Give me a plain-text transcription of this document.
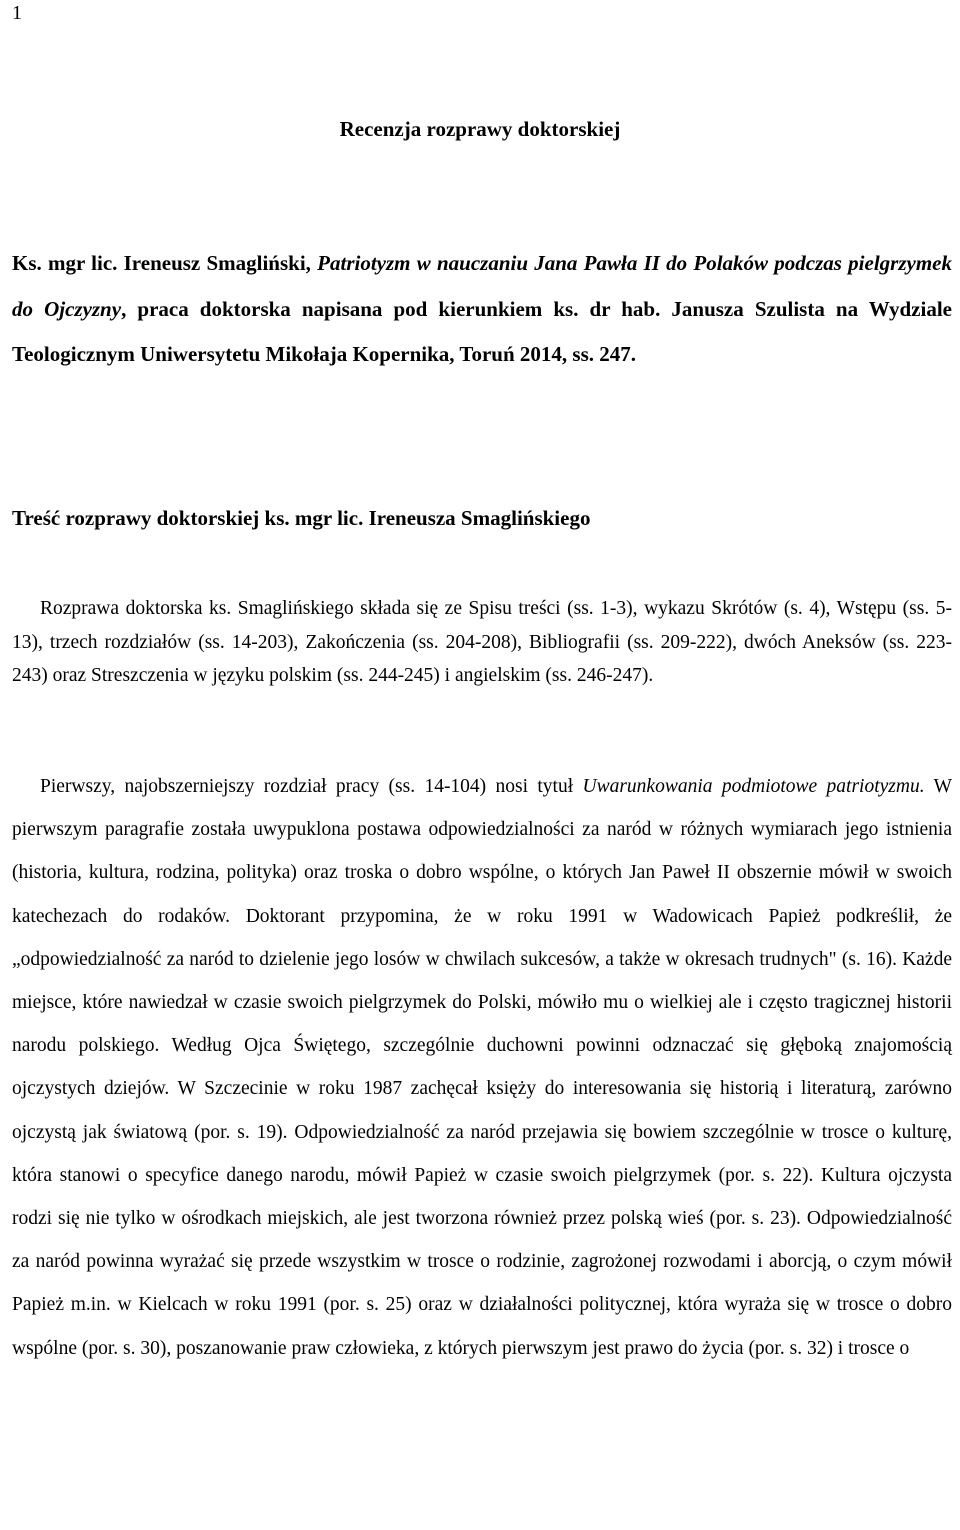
1
Recenzja rozprawy doktorskiej

Ks. mgr lic. Ireneusz Smagliński, Patriotyzm w nauczaniu Jana Pawła II do Polaków podczas pielgrzymek do Ojczyzny, praca doktorska napisana pod kierunkiem ks. dr hab. Janusza Szulista na Wydziale Teologicznym Uniwersytetu Mikołaja Kopernika, Toruń 2014, ss. 247.

Treść rozprawy doktorskiej ks. mgr lic. Ireneusza Smaglińskiego

Rozprawa doktorska ks. Smaglińskiego składa się ze Spisu treści (ss. 1-3), wykazu Skrótów (s. 4), Wstępu (ss. 5-13), trzech rozdziałów (ss. 14-203), Zakończenia (ss. 204-208), Bibliografii (ss. 209-222), dwóch Aneksów (ss. 223-243) oraz Streszczenia w języku polskim (ss. 244-245) i angielskim (ss. 246-247).

Pierwszy, najobszerniejszy rozdział pracy (ss. 14-104) nosi tytuł Uwarunkowania podmiotowe patriotyzmu. W pierwszym paragrafie została uwypuklona postawa odpowiedzialności za naród w różnych wymiarach jego istnienia (historia, kultura, rodzina, polityka) oraz troska o dobro wspólne, o których Jan Paweł II obszernie mówił w swoich katechezach do rodaków. Doktorant przypomina, że w roku 1991 w Wadowicach Papież podkreślił, że „odpowiedzialność za naród to dzielenie jego losów w chwilach sukcesów, a także w okresach trudnych" (s. 16). Każde miejsce, które nawiedzał w czasie swoich pielgrzymek do Polski, mówiło mu o wielkiej ale i często tragicznej historii narodu polskiego. Według Ojca Świętego, szczególnie duchowni powinni odznaczać się głęboką znajomością ojczystych dziejów. W Szczecinie w roku 1987 zachęcał księży do interesowania się historią i literaturą, zarówno ojczystą jak światową (por. s. 19). Odpowiedzialność za naród przejawia się bowiem szczególnie w trosce o kulturę, która stanowi o specyfice danego narodu, mówił Papież w czasie swoich pielgrzymek (por. s. 22). Kultura ojczysta rodzi się nie tylko w ośrodkach miejskich, ale jest tworzona również przez polską wieś (por. s. 23). Odpowiedzialność za naród powinna wyrażać się przede wszystkim w trosce o rodzinie, zagrożonej rozwodami i aborcją, o czym mówił Papież m.in. w Kielcach w roku 1991 (por. s. 25) oraz w działalności politycznej, która wyraża się w trosce o dobro wspólne (por. s. 30), poszanowanie praw człowieka, z których pierwszym jest prawo do życia (por. s. 32) i trosce o
